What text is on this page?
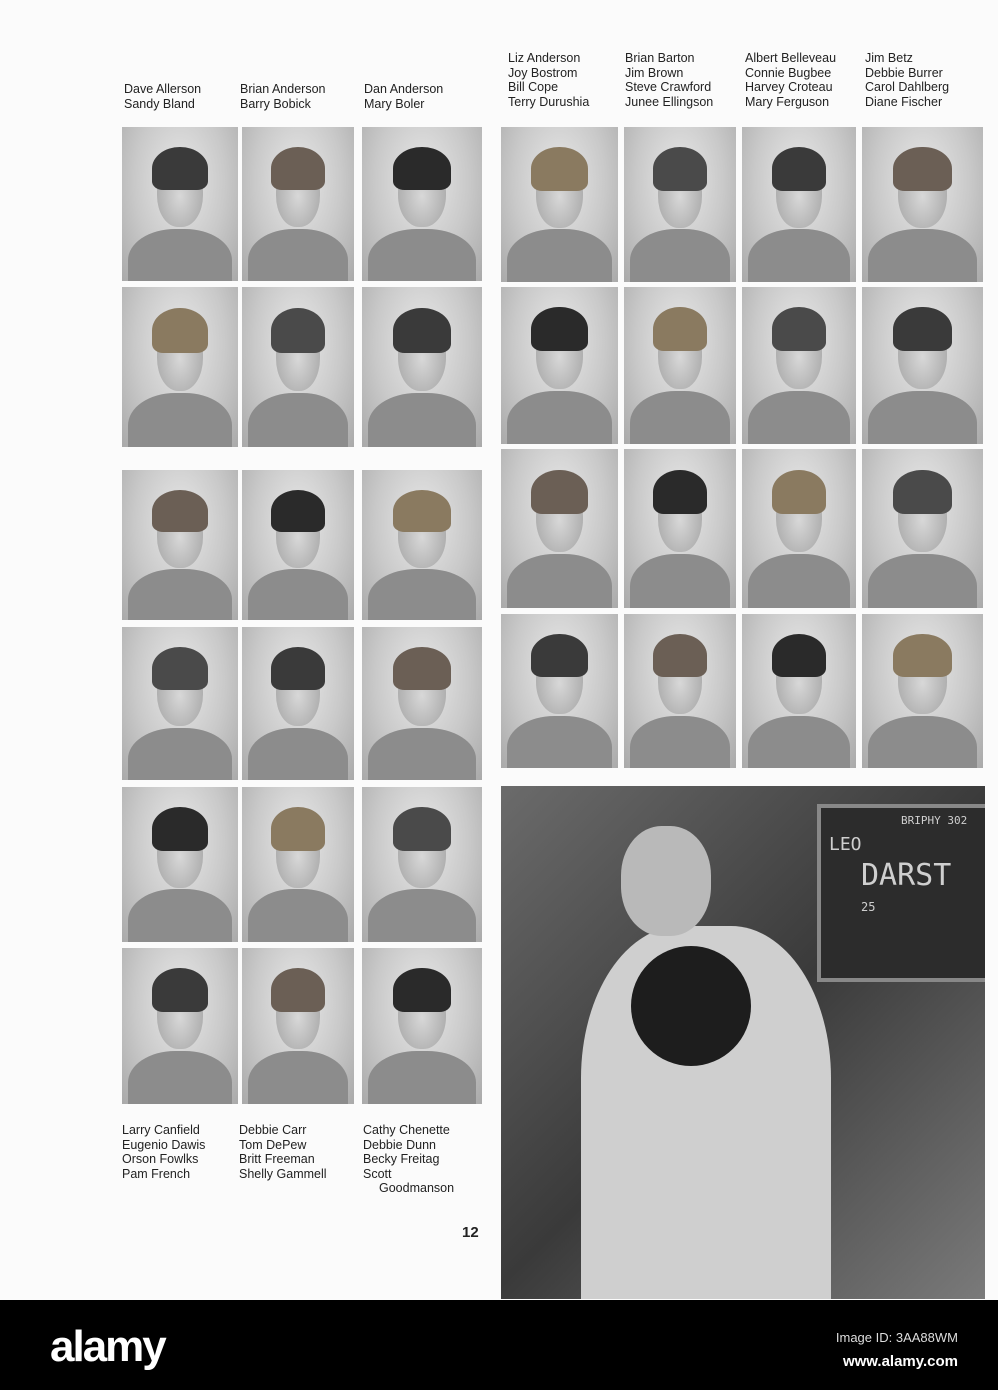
Dave Allerson
Sandy Bland
Brian Anderson
Barry Bobick
Dan Anderson
Mary Boler
Liz Anderson
Joy Bostrom
Bill Cope
Terry Durushia
Brian Barton
Jim Brown
Steve Crawford
Junee Ellingson
Albert Belleveau
Connie Bugbee
Harvey Croteau
Mary Ferguson
Jim Betz
Debbie Burrer
Carol Dahlberg
Diane Fischer
BRIPHY 302
LEO
DARST
25
Larry Canfield
Eugenio Dawis
Orson Fowlks
Pam French
Debbie Carr
Tom DePew
Britt Freeman
Shelly Gammell
Cathy Chenette
Debbie Dunn
Becky Freitag
Scott
Goodmanson
12
alamy	Image ID: 3AA88WM
www.alamy.com
